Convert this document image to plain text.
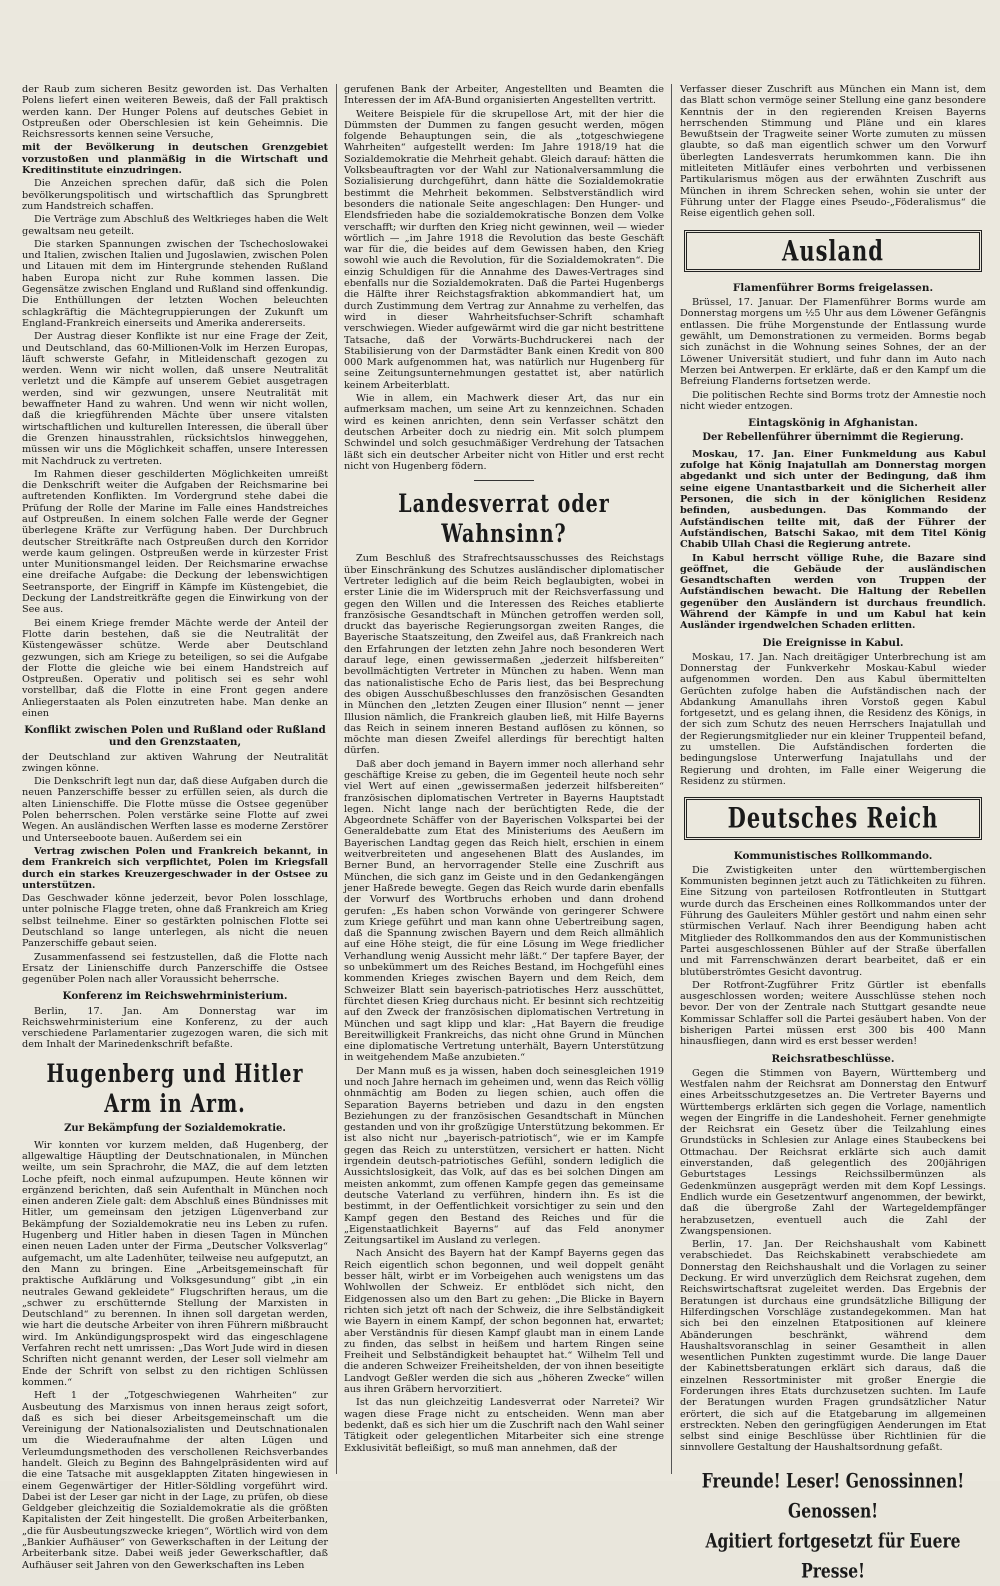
der Raub zum sicheren Besitz geworden ist. Das Verhalten Polens liefert einen weiteren Beweis, daß der Fall praktisch werden kann. Der Hunger Polens auf deutsches Gebiet in Ostpreußen oder Oberschlesien ist kein Geheimnis. Die Reichsressorts kennen seine Versuche,

mit der Bevölkerung in deutschen Grenzgebiet vorzustoßen und planmäßig in die Wirtschaft und Kreditinstitute einzudringen.

Die Anzeichen sprechen dafür, daß sich die Polen bevölkerungspolitisch und wirtschaftlich das Sprungbrett zum Handstreich schaffen.

Die Verträge zum Abschluß des Weltkrieges haben die Welt gewaltsam neu geteilt.

Die starken Spannungen zwischen der Tschechoslowakei und Italien, zwischen Italien und Jugoslawien, zwischen Polen und Litauen mit dem im Hintergrunde stehenden Rußland haben Europa nicht zur Ruhe kommen lassen. Die Gegensätze zwischen England und Rußland sind offenkundig. Die Enthüllungen der letzten Wochen beleuchten schlagkräftig die Mächtegruppierungen der Zukunft um England-Frankreich einerseits und Amerika andererseits.

Der Austrag dieser Konflikte ist nur eine Frage der Zeit, und Deutschland, das 60-Millionen-Volk im Herzen Europas, läuft schwerste Gefahr, in Mitleidenschaft gezogen zu werden. Wenn wir nicht wollen, daß unsere Neutralität verletzt und die Kämpfe auf unserem Gebiet ausgetragen werden, sind wir gezwungen, unsere Neutralität mit bewaffneter Hand zu wahren. Und wenn wir nicht wollen, daß die kriegführenden Mächte über unsere vitalsten wirtschaftlichen und kulturellen Interessen, die überall über die Grenzen hinausstrahlen, rücksichtslos hinweggehen, müssen wir uns die Möglichkeit schaffen, unsere Interessen mit Nachdruck zu vertreten.

Im Rahmen dieser geschilderten Möglichkeiten umreißt die Denkschrift weiter die Aufgaben der Reichsmarine bei auftretenden Konflikten. Im Vordergrund stehe dabei die Prüfung der Rolle der Marine im Falle eines Handstreiches auf Ostpreußen. In einem solchen Falle werde der Gegner überlegene Kräfte zur Verfügung haben. Der Durchbruch deutscher Streitkräfte nach Ostpreußen durch den Korridor werde kaum gelingen. Ostpreußen werde in kürzester Frist unter Munitionsmangel leiden. Der Reichsmarine erwachse eine dreifache Aufgabe: die Deckung der lebenswichtigen Seetransporte, der Eingriff in Kämpfe im Küstengebiet, die Deckung der Landstreitkräfte gegen die Einwirkung von der See aus.

Bei einem Kriege fremder Mächte werde der Anteil der Flotte darin bestehen, daß sie die Neutralität der Küstengewässer schütze. Werde aber Deutschland gezwungen, sich am Kriege zu beteiligen, so sei die Aufgabe der Flotte die gleiche wie bei einem Handstreich auf Ostpreußen. Operativ und politisch sei es sehr wohl vorstellbar, daß die Flotte in eine Front gegen andere Anliegerstaaten als Polen einzutreten habe. Man denke an einen

Konflikt zwischen Polen und Rußland oder Rußland und den Grenzstaaten,

der Deutschland zur aktiven Wahrung der Neutralität zwingen könne.

Die Denkschrift legt nun dar, daß diese Aufgaben durch die neuen Panzerschiffe besser zu erfüllen seien, als durch die alten Linienschiffe. Die Flotte müsse die Ostsee gegenüber Polen beherrschen. Polen verstärke seine Flotte auf zwei Wegen. An ausländischen Werften lasse es moderne Zerstörer und Unterseeboote bauen. Außerdem sei ein

Vertrag zwischen Polen und Frankreich bekannt, in dem Frankreich sich verpflichtet, Polen im Kriegsfall durch ein starkes Kreuzergeschwader in der Ostsee zu unterstützen.

Das Geschwader könne jederzeit, bevor Polen losschlage, unter polnische Flagge treten, ohne daß Frankreich am Krieg selbst teilnehme. Einer so gestärkten polnischen Flotte sei Deutschland so lange unterlegen, als nicht die neuen Panzerschiffe gebaut seien.

Zusammenfassend sei festzustellen, daß die Flotte nach Ersatz der Linienschiffe durch Panzerschiffe die Ostsee gegenüber Polen nach aller Voraussicht beherrsche.

Konferenz im Reichswehrministerium.

Berlin, 17. Jan. Am Donnerstag war im Reichswehrministerium eine Konferenz, zu der auch verschiedene Parlamentarier zugezogen waren, die sich mit dem Inhalt der Marinedenkschrift befaßte.

Hugenberg und Hitler Arm in Arm.
Zur Bekämpfung der Sozialdemokratie.

Wir konnten vor kurzem melden, daß Hugenberg, der allgewaltige Häuptling der Deutschnationalen, in München weilte, um sein Sprachrohr, die MAZ, die auf dem letzten Loche pfeift, noch einmal aufzupumpen. Heute können wir ergänzend berichten, daß sein Aufenthalt in München noch einen anderen Ziele galt: dem Abschluß eines Bündnisses mit Hitler, um gemeinsam den jetzigen Lügenverband zur Bekämpfung der Sozialdemokratie neu ins Leben zu rufen. Hugenberg und Hitler haben in diesen Tagen in München einen neuen Laden unter der Firma „Deutscher Volksverlag“ aufgemacht, um alte Ladenhüter, teilweise neu aufgeputzt, an den Mann zu bringen. Eine „Arbeitsgemeinschaft für praktische Aufklärung und Volksgesundung“ gibt „in ein neutrales Gewand gekleidete“ Flugschriften heraus, um die „schwer zu erschütternde Stellung der Marxisten in Deutschland“ zu berennen. In ihnen soll dargetan werden, wie hart die deutsche Arbeiter von ihren Führern mißbraucht wird. Im Ankündigungsprospekt wird das eingeschlagene Verfahren recht nett umrissen: „Das Wort Jude wird in diesen Schriften nicht genannt werden, der Leser soll vielmehr am Ende der Schrift von selbst zu den richtigen Schlüssen kommen.“

Heft 1 der „Totgeschwiegenen Wahrheiten“ zur Ausbeutung des Marxismus von innen heraus zeigt sofort, daß es sich bei dieser Arbeitsgemeinschaft um die Vereinigung der Nationalsozialisten und Deutschnationalen um die Wiederaufnahme der alten Lügen und Verleumdungsmethoden des verschollenen Reichsverbandes handelt. Gleich zu Beginn des Bahngelpräsidenten wird auf die eine Tatsache mit ausgeklappten Zitaten hingewiesen in einem Gegenwärtiger der Hitler-Söldling vorgeführt wird. Dabei ist der Leser gar nicht in der Lage, zu prüfen, ob diese Geldgeber gleichzeitig die Sozialdemokratie als die größten Kapitalisten der Zeit hingestellt. Die großen Arbeiterbanken, „die für Ausbeutungszwecke kriegen“, Wörtlich wird von dem „Bankier Aufhäuser“ von Gewerkschaften in der Leitung der Arbeiterbank sitze. Dabei weiß jeder Gewerkschaftler, daß Aufhäuser seit Jahren von den Gewerkschaften ins Leben

gerufenen Bank der Arbeiter, Angestellten und Beamten die Interessen der im AfA-Bund organisierten Angestellten vertritt.

Weitere Beispiele für die skrupellose Art, mit der hier die Dümmsten der Dummen zu fangen gesucht werden, mögen folgende Behauptungen sein, die als „totgeschwiegene Wahrheiten“ aufgestellt werden: Im Jahre 1918/19 hat die Sozialdemokratie die Mehrheit gehabt. Gleich darauf: hätten die Volksbeauftragten vor der Wahl zur Nationalversammlung die Sozialisierung durchgeführt, dann hätte die Sozialdemokratie bestimmt die Mehrheit bekommen. Selbstverständlich wird besonders die nationale Seite angeschlagen: Den Hunger- und Elendsfrieden habe die sozialdemokratische Bonzen dem Volke verschafft; wir durften den Krieg nicht gewinnen, weil — wieder wörtlich — „im Jahre 1918 die Revolution das beste Geschäft war für die, die beides auf dem Gewissen haben, den Krieg sowohl wie auch die Revolution, für die Sozialdemokraten“. Die einzig Schuldigen für die Annahme des Dawes-Vertrages sind ebenfalls nur die Sozialdemokraten. Daß die Partei Hugenbergs die Hälfte ihrer Reichstagsfraktion abkommandiert hat, um durch Zustimmung dem Vertrag zur Annahme zu verhelfen, das wird in dieser Wahrheitsfuchser-Schrift schamhaft verschwiegen. Wieder aufgewärmt wird die gar nicht bestrittene Tatsache, daß der Vorwärts-Buchdruckerei nach der Stabilisierung von der Darmstädter Bank einen Kredit von 800 000 Mark aufgenommen hat, was natürlich nur Hugenberg für seine Zeitungsunternehmungen gestattet ist, aber natürlich keinem Arbeiterblatt.

Wie in allem, ein Machwerk dieser Art, das nur ein aufmerksam machen, um seine Art zu kennzeichnen. Schaden wird es keinen anrichten, denn sein Verfasser schätzt den deutschen Arbeiter doch zu niedrig ein. Mit solch plumpem Schwindel und solch gesuchmäßiger Verdrehung der Tatsachen läßt sich ein deutscher Arbeiter nicht von Hitler und erst recht nicht von Hugenberg födern.

Landesverrat oder Wahnsinn?

Zum Beschluß des Strafrechtsausschusses des Reichstags über Einschränkung des Schutzes ausländischer diplomatischer Vertreter lediglich auf die beim Reich beglaubigten, wobei in erster Linie die im Widerspruch mit der Reichsverfassung und gegen den Willen und die Interessen des Reiches etablierte französische Gesandtschaft in München getroffen werden soll, druckt das bayerische Regierungsorgan zweiten Ranges, die Bayerische Staatszeitung, den Zweifel aus, daß Frankreich nach den Erfahrungen der letzten zehn Jahre noch besonderen Wert darauf lege, einen gewissermaßen „jederzeit hilfsbereiten“ bevollmächtigten Vertreter in München zu haben. Wenn man das nationalistische Echo de Paris liest, das bei Besprechung des obigen Ausschußbeschlusses den französischen Gesandten in München den „letzten Zeugen einer Illusion“ nennt — jener Illusion nämlich, die Frankreich glauben ließ, mit Hilfe Bayerns das Reich in seinem inneren Bestand auflösen zu können, so möchte man diesen Zweifel allerdings für berechtigt halten dürfen.

Daß aber doch jemand in Bayern immer noch allerhand sehr geschäftige Kreise zu geben, die im Gegenteil heute noch sehr viel Wert auf einen „gewissermaßen jederzeit hilfsbereiten“ französischen diplomatischen Vertreter in Bayerns Hauptstadt legen. Nicht lange nach der berüchtigten Rede, die der Abgeordnete Schäffer von der Bayerischen Volkspartei bei der Generaldebatte zum Etat des Ministeriums des Aeußern im Bayerischen Landtag gegen das Reich hielt, erschien in einem weitverbreiteten und angesehenen Blatt des Auslandes, im Berner Bund, an hervorragender Stelle eine Zuschrift aus München, die sich ganz im Geiste und in den Gedankengängen jener Haßrede bewegte. Gegen das Reich wurde darin ebenfalls der Vorwurf des Wortbruchs erhoben und dann drohend gerufen: „Es haben schon Vorwände von geringerer Schwere zum Kriege geführt und man kann ohne Uebertreibung sagen, daß die Spannung zwischen Bayern und dem Reich allmählich auf eine Höhe steigt, die für eine Lösung im Wege friedlicher Verhandlung wenig Aussicht mehr läßt.“ Der tapfere Bayer, der so unbekümmert um des Reiches Bestand, im Hochgefühl eines kommenden Krieges zwischen Bayern und dem Reich, dem Schweizer Blatt sein bayerisch-patriotisches Herz ausschüttet, fürchtet diesen Krieg durchaus nicht. Er besinnt sich rechtzeitig auf den Zweck der französischen diplomatischen Vertretung in München und sagt klipp und klar: „Hat Bayern die freudige Bereitwilligkeit Frankreichs, das nicht ohne Grund in München eine diplomatische Vertretung unterhält, Bayern Unterstützung in weitgehendem Maße anzubieten.“

Der Mann muß es ja wissen, haben doch seinesgleichen 1919 und noch Jahre hernach im geheimen und, wenn das Reich völlig ohnmächtig am Boden zu liegen schien, auch offen die Separation Bayerns betrieben und dazu in den engsten Beziehungen zu der französischen Gesandtschaft in München gestanden und von ihr großzügige Unterstützung bekommen. Er ist also nicht nur „bayerisch-patriotisch“, wie er im Kampfe gegen das Reich zu unterstützen, versichert er hatten. Nicht irgendein deutsch-patriotisches Gefühl, sondern lediglich die Aussichtslosigkeit, das Volk, auf das es bei solchen Dingen am meisten ankommt, zum offenen Kampfe gegen das gemeinsame deutsche Vaterland zu verführen, hindern ihn. Es ist die bestimmt, in der Oeffentlichkeit vorsichtiger zu sein und den Kampf gegen den Bestand des Reiches und für die „Eigenstaatlichkeit Bayerns“ auf das Feld anonymer Zeitungsartikel im Ausland zu verlegen.

Nach Ansicht des Bayern hat der Kampf Bayerns gegen das Reich eigentlich schon begonnen, und weil doppelt genäht besser hält, wirbt er im Vorbeigehen auch wenigstens um das Wohlwollen der Schweiz. Er entblödet sich nicht, den Eidgenossen also um den Bart zu gehen: „Die Blicke in Bayern richten sich jetzt oft nach der Schweiz, die ihre Selbständigkeit wie Bayern in einem Kampf, der schon begonnen hat, erwartet; aber Verständnis für diesen Kampf glaubt man in einem Lande zu finden, das selbst in heißem und hartem Ringen seine Freiheit und Selbständigkeit behauptet hat.“ Wilhelm Tell und die anderen Schweizer Freiheitshelden, der von ihnen beseitigte Landvogt Geßler werden die sich aus „höheren Zwecke“ willen aus ihren Gräbern hervorzitiert.

Ist das nun gleichzeitig Landesverrat oder Narretei? Wir wagen diese Frage nicht zu entscheiden. Wenn man aber bedenkt, daß es sich hier um die Zuschrift nach den Wahl seiner Tätigkeit oder gelegentlichen Mitarbeiter sich eine strenge Exklusivität befleißigt, so muß man annehmen, daß der

Verfasser dieser Zuschrift aus München ein Mann ist, dem das Blatt schon vermöge seiner Stellung eine ganz besondere Kenntnis der in den regierenden Kreisen Bayerns herrschenden Stimmung und Pläne und ein klares Bewußtsein der Tragweite seiner Worte zumuten zu müssen glaubte, so daß man eigentlich schwer um den Vorwurf überlegten Landesverrats herumkommen kann. Die ihn mitleiteten Mitläufer eines verbohrten und verbissenen Partikularismus mögen aus der erwähnten Zuschrift aus München in ihrem Schrecken sehen, wohin sie unter der Führung unter der Flagge eines Pseudo-„Föderalismus“ die Reise eigentlich gehen soll.

Ausland
Flamenführer Borms freigelassen.

Brüssel, 17. Januar. Der Flamenführer Borms wurde am Donnerstag morgens um ½5 Uhr aus dem Löwener Gefängnis entlassen. Die frühe Morgenstunde der Entlassung wurde gewählt, um Demonstrationen zu vermeiden. Borms begab sich zunächst in die Wohnung seines Sohnes, der an der Löwener Universität studiert, und fuhr dann im Auto nach Merzen bei Antwerpen. Er erklärte, daß er den Kampf um die Befreiung Flanderns fortsetzen werde.

Die politischen Rechte sind Borms trotz der Amnestie noch nicht wieder entzogen.

Eintagskönig in Afghanistan.
Der Rebellenführer übernimmt die Regierung.

Moskau, 17. Jan. Einer Funkmeldung aus Kabul zufolge hat König Inajatullah am Donnerstag morgen abgedankt und sich unter der Bedingung, daß ihm seine eigene Unantastbarkeit und die Sicherheit aller Personen, die sich in der königlichen Residenz befinden, ausbedungen. Das Kommando der Aufständischen teilte mit, daß der Führer der Aufständischen, Batschi Sakao, mit dem Titel König Chabib Ullah Chasi die Regierung antrete.

In Kabul herrscht völlige Ruhe, die Bazare sind geöffnet, die Gebäude der ausländischen Gesandtschaften werden von Truppen der Aufständischen bewacht. Die Haltung der Rebellen gegenüber den Ausländern ist durchaus freundlich. Während der Kämpfe in und um Kabul hat kein Ausländer irgendwelchen Schaden erlitten.

Die Ereignisse in Kabul.

Moskau, 17. Jan. Nach dreitägiger Unterbrechung ist am Donnerstag der Funkverkehr Moskau-Kabul wieder aufgenommen worden. Den aus Kabul übermittelten Gerüchten zufolge haben die Aufständischen nach der Abdankung Amanullahs ihren Vorstoß gegen Kabul fortgesetzt, und es gelang ihnen, die Residenz des Königs, in der sich zum Schutz des neuen Herrschers Inajatullah und der Regierungsmitglieder nur ein kleiner Truppenteil befand, zu umstellen. Die Aufständischen forderten die bedingungslose Unterwerfung Inajatullahs und der Regierung und drohten, im Falle einer Weigerung die Residenz zu stürmen.

Deutsches Reich
Kommunistisches Rollkommando.

Die Zwistigkeiten unter den württembergischen Kommunisten beginnen jetzt auch zu Tätlichkeiten zu führen. Eine Sitzung von parteilosen Rotfrontleuten in Stuttgart wurde durch das Erscheinen eines Rollkommandos unter der Führung des Gauleiters Mühler gestört und nahm einen sehr stürmischen Verlauf. Nach ihrer Beendigung haben acht Mitglieder des Rollkommandos den aus der Kommunistischen Partei ausgeschlossenen Bühler auf der Straße überfallen und mit Farrenschwänzen derart bearbeitet, daß er ein blutüberströmtes Gesicht davontrug.

Der Rotfront-Zugführer Fritz Gürtler ist ebenfalls ausgeschlossen worden; weitere Ausschlüsse stehen noch bevor. Der von der Zentrale nach Stuttgart gesandte neue Kommissar Schlaffer soll die Partei gesäubert haben. Von der bisherigen Partei müssen erst 300 bis 400 Mann hinausfliegen, dann wird es erst besser werden!

Reichsratbeschlüsse.

Gegen die Stimmen von Bayern, Württemberg und Westfalen nahm der Reichsrat am Donnerstag den Entwurf eines Arbeitsschutzgesetzes an. Die Vertreter Bayerns und Württembergs erklärten sich gegen die Vorlage, namentlich wegen der Eingriffe in die Landeshoheit. Ferner genehmigte der Reichsrat ein Gesetz über die Teilzahlung eines Grundstücks in Schlesien zur Anlage eines Staubeckens bei Ottmachau. Der Reichsrat erklärte sich auch damit einverstanden, daß gelegentlich des 200jährigen Geburtstages Lessings Reichssilbermünzen als Gedenkmünzen ausgeprägt werden mit dem Kopf Lessings. Endlich wurde ein Gesetzentwurf angenommen, der bewirkt, daß die übergroße Zahl der Wartegeldempfänger herabzusetzen, eventuell auch die Zahl der Zwangspensionen.

Berlin, 17. Jan. Der Reichshaushalt vom Kabinett verabschiedet. Das Reichskabinett verabschiedete am Donnerstag den Reichshaushalt und die Vorlagen zu seiner Deckung. Er wird unverzüglich dem Reichsrat zugehen, dem Reichswirtschaftsrat zugeleitet werden. Das Ergebnis der Beratungen ist durchaus eine grundsätzliche Billigung der Hilferdingschen Vorschläge zustandegekommen. Man hat sich bei den einzelnen Etatpositionen auf kleinere Abänderungen beschränkt, während dem Haushaltsvoranschlag in seiner Gesamtheit in allen wesentlichen Punkten zugestimmt wurde. Die lange Dauer der Kabinettsberatungen erklärt sich daraus, daß die einzelnen Ressortminister mit großer Energie die Forderungen ihres Etats durchzusetzen suchten. Im Laufe der Beratungen wurden Fragen grundsätzlicher Natur erörtert, die sich auf die Etatgebarung im allgemeinen erstreckten. Neben den geringfügigen Aenderungen im Etat selbst sind einige Beschlüsse über Richtlinien für die sinnvollere Gestaltung der Haushaltsordnung gefaßt.

Freunde! Leser! Genossinnen! Genossen!
Agitiert fortgesetzt für Euere Presse!
